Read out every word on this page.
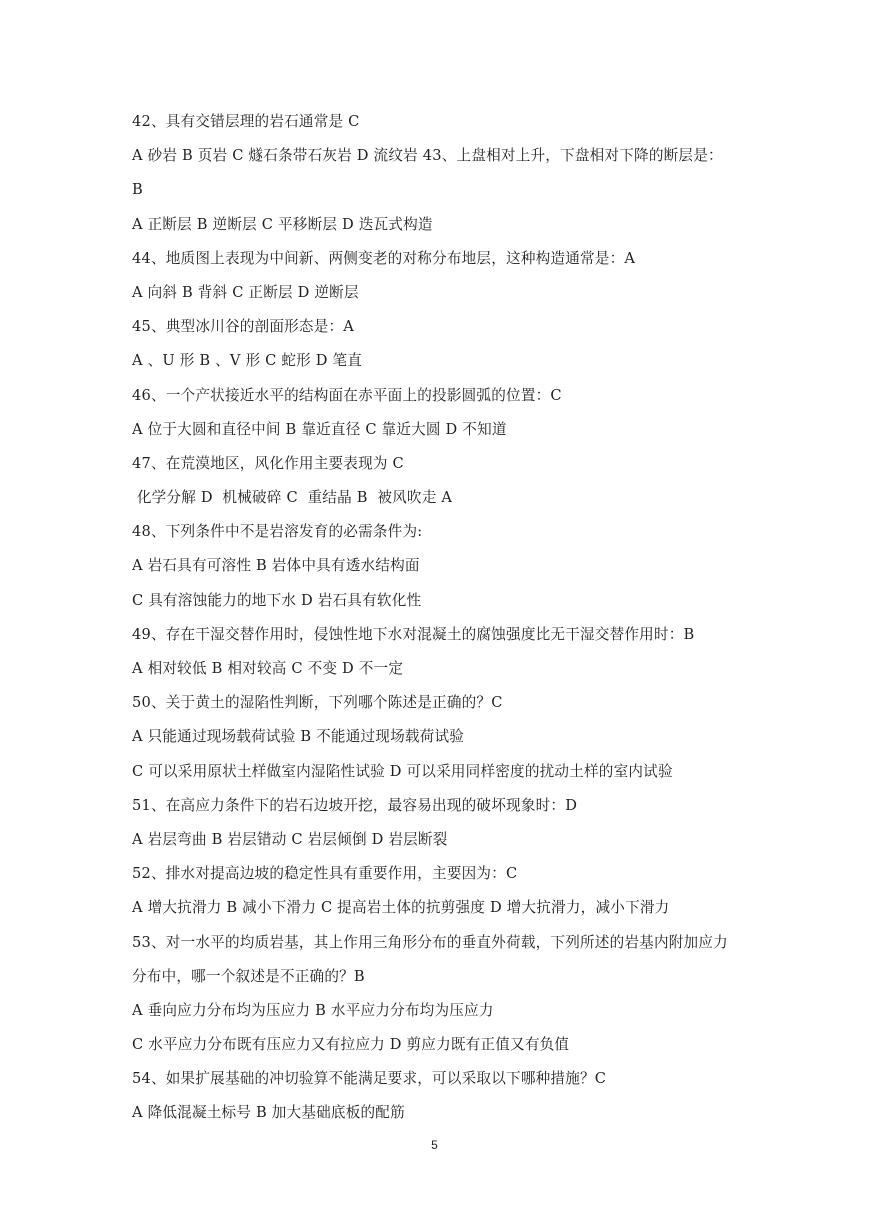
42、具有交错层理的岩石通常是 C
A 砂岩 B 页岩 C 燧石条带石灰岩 D 流纹岩 43、上盘相对上升，下盘相对下降的断层是：
B
A 正断层 B 逆断层 C 平移断层 D 迭瓦式构造
44、地质图上表现为中间新、两侧变老的对称分布地层，这种构造通常是：A
A 向斜 B 背斜 C 正断层 D 逆断层
45、典型冰川谷的剖面形态是：A
A 、U 形 B 、V 形 C 蛇形 D 笔直
46、一个产状接近水平的结构面在赤平面上的投影圆弧的位置：C
A 位于大圆和直径中间 B 靠近直径 C 靠近大圆 D 不知道
47、在荒漠地区，风化作用主要表现为 C
化学分解 D  机械破碎 C  重结晶 B  被风吹走 A
48、下列条件中不是岩溶发育的必需条件为:
A 岩石具有可溶性 B 岩体中具有透水结构面
C 具有溶蚀能力的地下水 D 岩石具有软化性
49、存在干湿交替作用时，侵蚀性地下水对混凝土的腐蚀强度比无干湿交替作用时：B
A 相对较低 B 相对较高 C 不变 D 不一定
50、关于黄土的湿陷性判断，下列哪个陈述是正确的？C
A 只能通过现场载荷试验 B 不能通过现场载荷试验
C 可以采用原状土样做室内湿陷性试验 D 可以采用同样密度的扰动土样的室内试验
51、在高应力条件下的岩石边坡开挖，最容易出现的破坏现象时：D
A 岩层弯曲 B 岩层错动 C 岩层倾倒 D 岩层断裂
52、排水对提高边坡的稳定性具有重要作用，主要因为：C
A 增大抗滑力 B 减小下滑力 C 提高岩土体的抗剪强度 D 增大抗滑力，减小下滑力
53、对一水平的均质岩基，其上作用三角形分布的垂直外荷载，下列所述的岩基内附加应力
分布中，哪一个叙述是不正确的？B
A 垂向应力分布均为压应力 B 水平应力分布均为压应力
C 水平应力分布既有压应力又有拉应力 D 剪应力既有正值又有负值
54、如果扩展基础的冲切验算不能满足要求，可以采取以下哪种措施？C
A 降低混凝土标号 B 加大基础底板的配筋
5
